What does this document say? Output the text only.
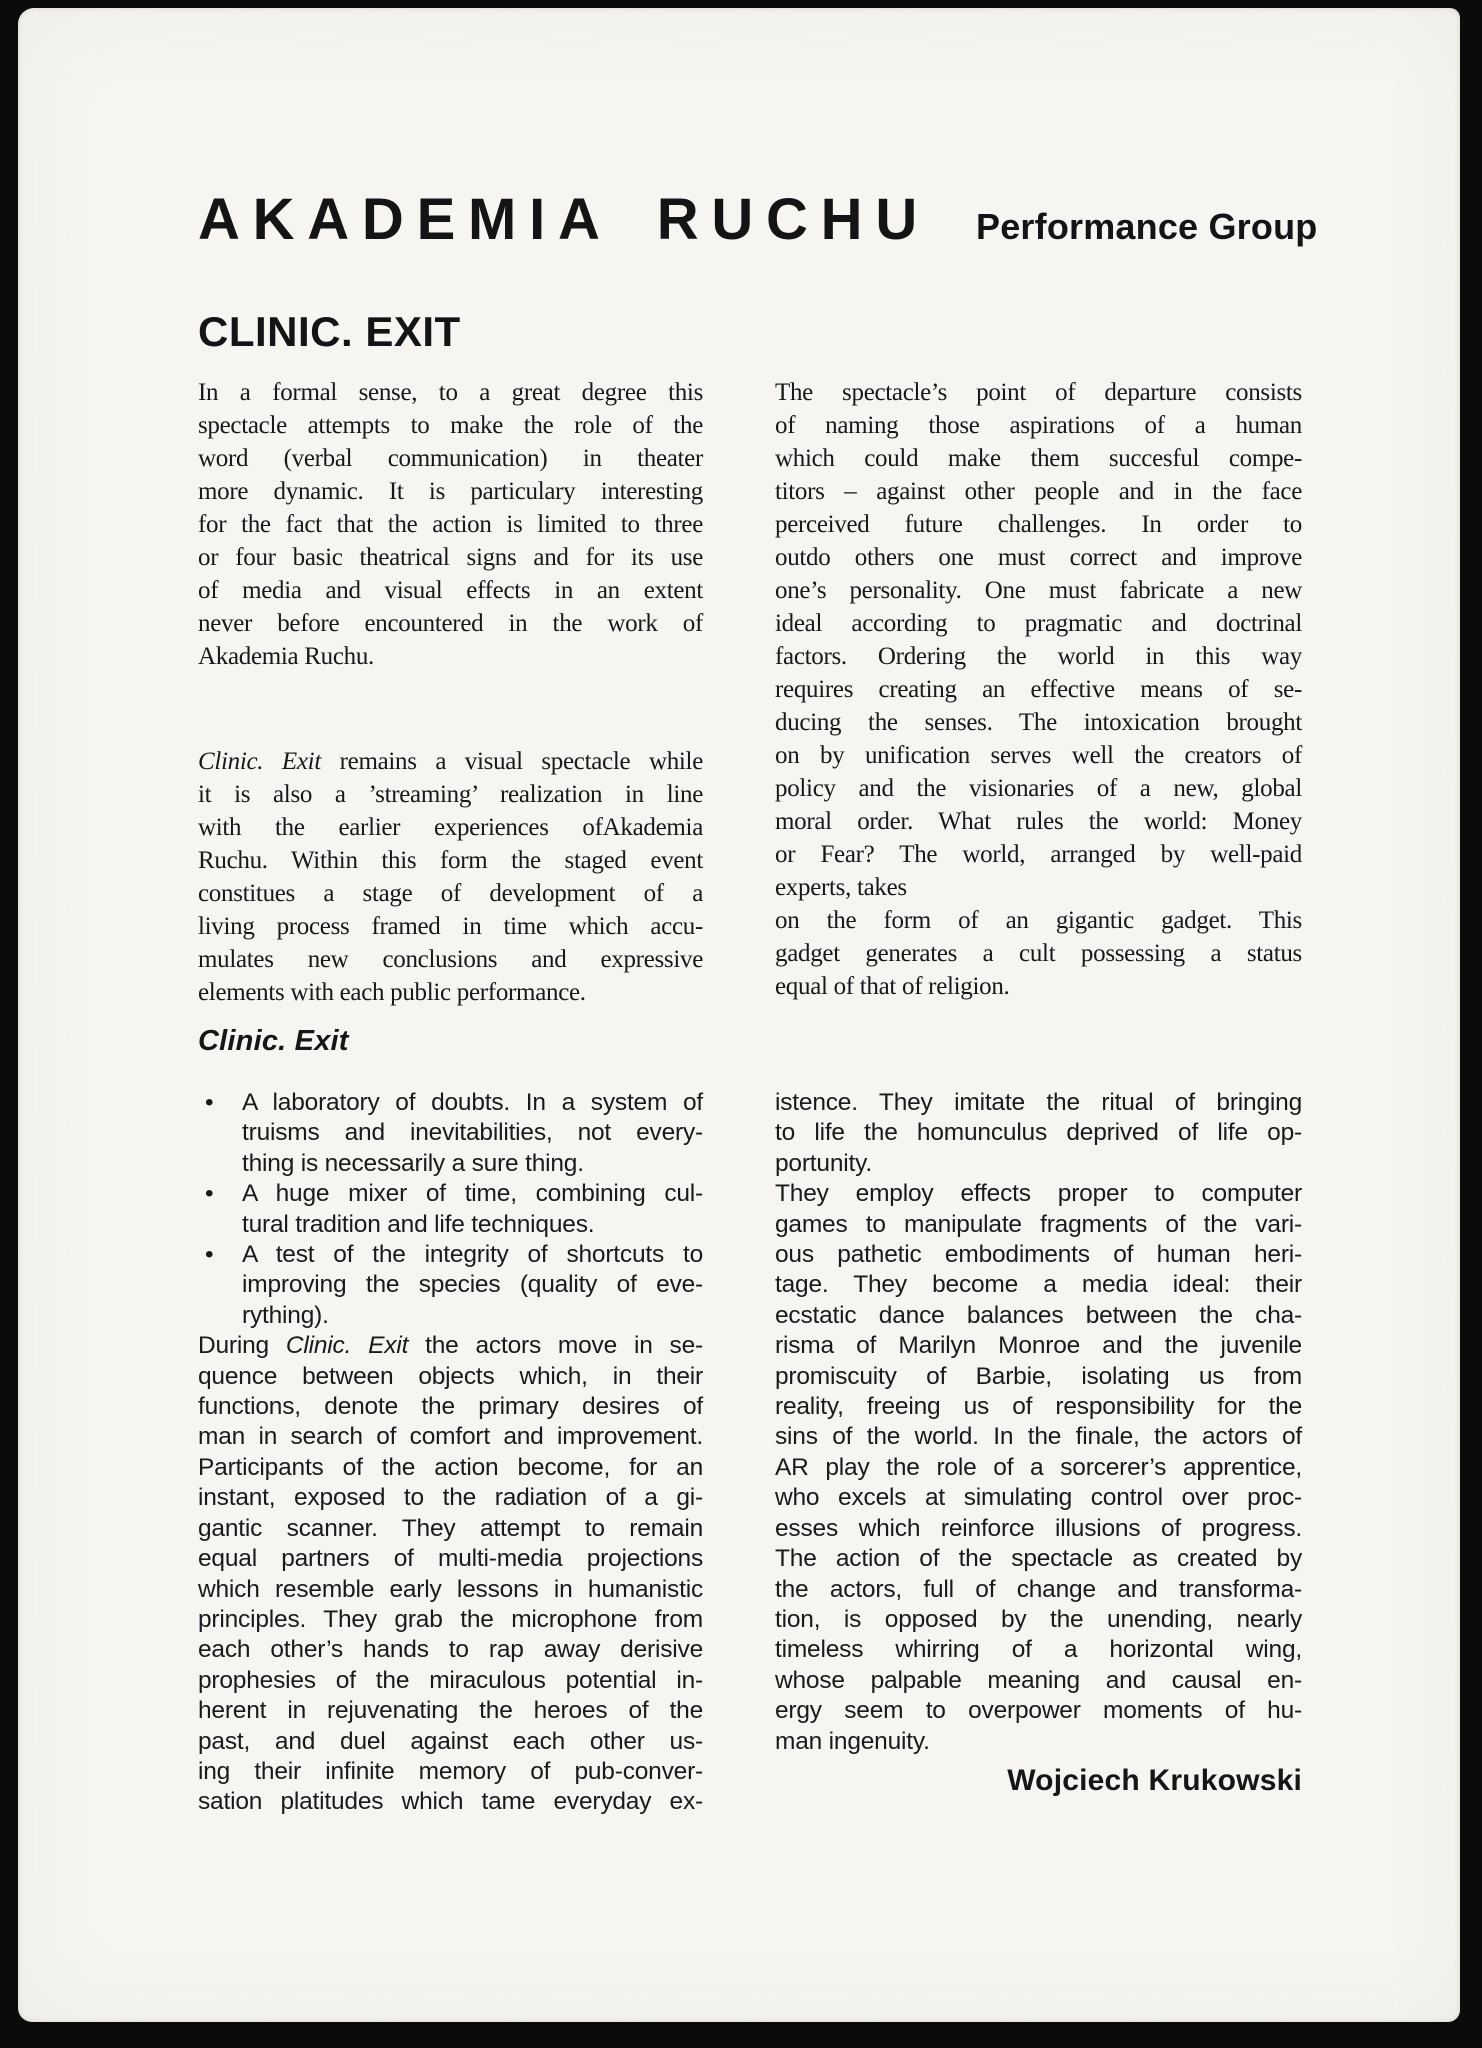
AKADEMIA RUCHU Performance Group
CLINIC. EXIT
In a formal sense, to a great degree this
spectacle attempts to make the role of the
word (verbal communication) in theater
more dynamic. It is particulary interesting
for the fact that the action is limited to three
or four basic theatrical signs and for its use
of media and visual effects in an extent
never before encountered in the work of
Akademia Ruchu.
Clinic. Exit remains a visual spectacle while
it is also a ’streaming’ realization in line
with the earlier experiences ofAkademia
Ruchu. Within this form the staged event
constitues a stage of development of a
living process framed in time which accu-
mulates new conclusions and expressive
elements with each public performance.
Clinic. Exit
•	A laboratory of doubts. In a system of
truisms and inevitabilities, not every-
thing is necessarily a sure thing.
•	A huge mixer of time, combining cul-
tural tradition and life techniques.
•	A test of the integrity of shortcuts to
improving the species (quality of eve-
rything).
During Clinic. Exit the actors move in se-
quence between objects which, in their
functions, denote the primary desires of
man in search of comfort and improvement.
Participants of the action become, for an
instant, exposed to the radiation of a gi-
gantic scanner. They attempt to remain
equal partners of multi-media projections
which resemble early lessons in humanistic
principles. They grab the microphone from
each other’s hands to rap away derisive
prophesies of the miraculous potential in-
herent in rejuvenating the heroes of the
past, and duel against each other us-
ing their infinite memory of pub-conver-
sation platitudes which tame everyday ex-
The spectacle’s point of departure consists
of naming those aspirations of a human
which could make them succesful compe-
titors – against other people and in the face
perceived future challenges. In order to
outdo others one must correct and improve
one’s personality. One must fabricate a new
ideal according to pragmatic and doctrinal
factors. Ordering the world in this way
requires creating an effective means of se-
ducing the senses. The intoxication brought
on by unification serves well the creators of
policy and the visionaries of a new, global
moral order. What rules the world: Money
or Fear? The world, arranged by well-paid
experts, takes
on the form of an gigantic gadget. This
gadget generates a cult possessing a status
equal of that of religion.
istence. They imitate the ritual of bringing
to life the homunculus deprived of life op-
portunity.
They employ effects proper to computer
games to manipulate fragments of the vari-
ous pathetic embodiments of human heri-
tage. They become a media ideal: their
ecstatic dance balances between the cha-
risma of Marilyn Monroe and the juvenile
promiscuity of Barbie, isolating us from
reality, freeing us of responsibility for the
sins of the world. In the finale, the actors of
AR play the role of a sorcerer’s apprentice,
who excels at simulating control over proc-
esses which reinforce illusions of progress.
The action of the spectacle as created by
the actors, full of change and transforma-
tion, is opposed by the unending, nearly
timeless whirring of a horizontal wing,
whose palpable meaning and causal en-
ergy seem to overpower moments of hu-
man ingenuity.
Wojciech Krukowski
